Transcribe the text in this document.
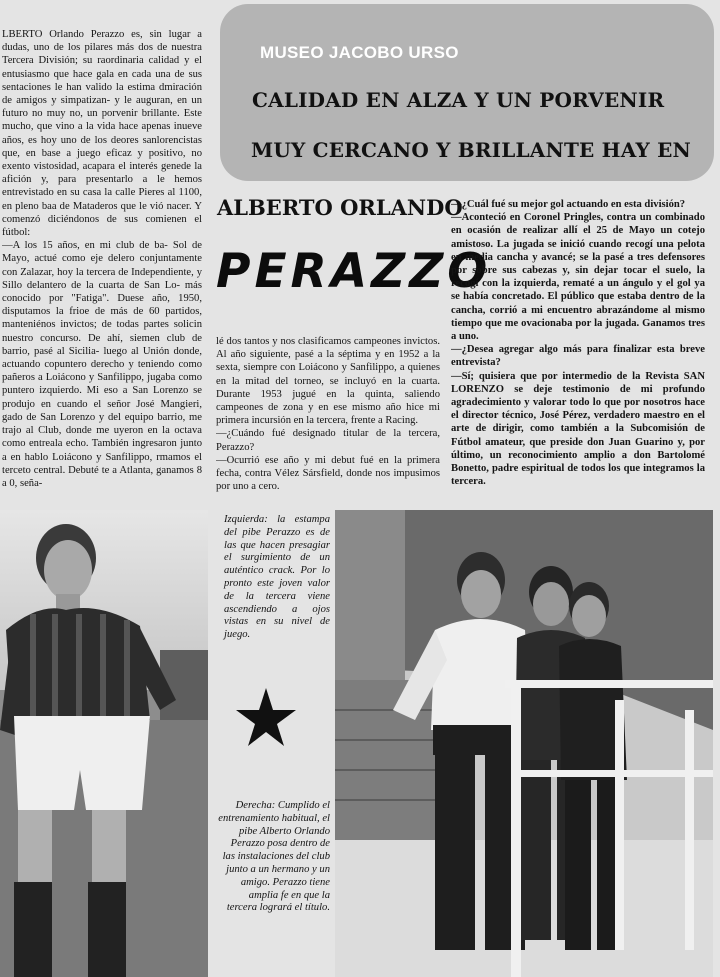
LBERTO Orlando Perazzo es, sin lugar a dudas, uno de los pilares más dos de nuestra Tercera División; su raordinaria calidad y el entusiasmo que hace gala en cada una de sus sentaciones le han valido la estima dmiración de amigos y simpatizan- y le auguran, en un futuro no muy no, un porvenir brillante. Este mucho, que vino a la vida hace apenas inueve años, es hoy uno de los deores sanlorencistas que, en base a juego eficaz y positivo, no exento vistosidad, acapara el interés genede la afición y, para presentarlo a le hemos entrevistado en su casa la calle Pieres al 1100, en pleno baa de Mataderos que le vió nacer. Y comenzó diciéndonos de sus comienen el fútbol:

—A los 15 años, en mi club de ba- Sol de Mayo, actué como eje delero conjuntamente con Zalazar, hoy la tercera de Independiente, y Sillo delantero de la cuarta de San Lo- más conocido por "Fatiga". Duese año, 1950, disputamos la frioe de más de 60 partidos, manteniénos invictos; de todas partes solicin nuestro concurso. De ahí, siemen club de barrio, pasé al Sicilia- luego al Unión donde, actuando copuntero derecho y teniendo como pañeros a Loiácono y Sanfilippo, jugaba como puntero izquierdo. Mi eso a San Lorenzo se produjo en cuando el señor José Mangieri, gado de San Lorenzo y del equipo barrio, me trajo al Club, donde me uyeron en la octava como entreala echo. También ingresaron junto a en hablo Loiácono y Sanfilippo, rmamos el terceto central. Debuté te a Atlanta, ganamos 8 a 0, seña-

MUSEO JACOBO URSO
CALIDAD EN ALZA Y UN PORVENIR
MUY CERCANO Y BRILLANTE HAY EN
ALBERTO ORLANDO
PERAZZO

lé dos tantos y nos clasificamos campeones invictos. Al año siguiente, pasé a la séptima y en 1952 a la sexta, siempre con Loiácono y Sanfilippo, a quienes en la mitad del torneo, se incluyó en la cuarta. Durante 1953 jugué en la quinta, saliendo campeones de zona y en ese mismo año hice mi primera incursión en la tercera, frente a Racing.

—¿Cuándo fué designado titular de la tercera, Perazzo?

—Ocurrió ese año y mi debut fué en la primera fecha, contra Vélez Sársfield, donde nos impusimos por uno a cero.

—¿Cuál fué su mejor gol actuando en esta división?

—Aconteció en Coronel Pringles, contra un combinado en ocasión de realizar allí el 25 de Mayo un cotejo amistoso. La jugada se inició cuando recogí una pelota en media cancha y avancé; se la pasé a tres defensores por sobre sus cabezas y, sin dejar tocar el suelo, la recogí con la izquierda, rematé a un ángulo y el gol ya se había concretado. El público que estaba dentro de la cancha, corrió a mi encuentro abrazándome al mismo tiempo que me ovacionaba por la jugada. Ganamos tres a uno.

—¿Desea agregar algo más para finalizar esta breve entrevista?

—Sí; quisiera que por intermedio de la Revista SAN LORENZO se deje testimonio de mi profundo agradecimiento y valorar todo lo que por nosotros hace el director técnico, José Pérez, verdadero maestro en el arte de dirigir, como también a la Subcomisión de Fútbol amateur, que preside don Juan Guarino y, por último, un reconocimiento amplio a don Bartolomé Bonetto, padre espiritual de todos los que integramos la tercera.

Izquierda: la estampa del pibe Perazzo es de las que hacen presagiar el surgimiento de un auténtico crack. Por lo pronto este joven valor de la tercera viene ascendiendo a ojos vistas en su nivel de juego.
Derecha: Cumplido el entrenamiento habitual, el pibe Alberto Orlando Perazzo posa dentro de las instalaciones del club junto a un hermano y un amigo. Perazzo tiene amplia fe en que la tercera logrará el título.
